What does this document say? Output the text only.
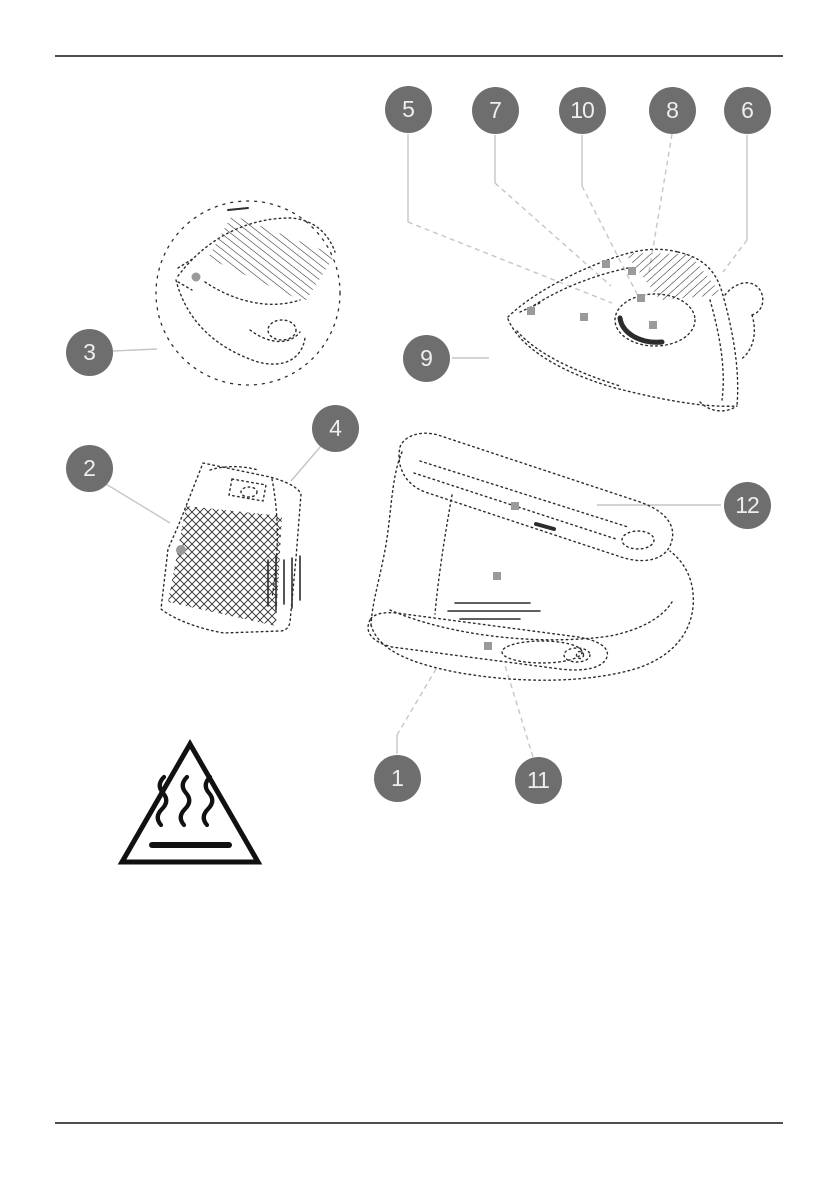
5	7	10	8	6
3	9
4
2
12
1	11
